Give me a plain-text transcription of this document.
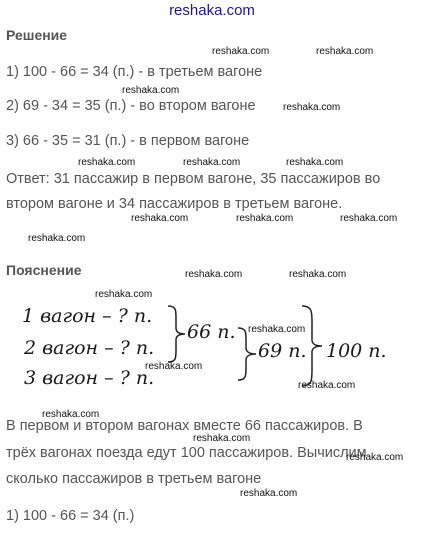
reshaka.com
Решение
1) 100 - 66 = 34 (п.) - в третьем вагоне
2) 69 - 34 = 35 (п.) - во втором вагоне
3) 66 - 35 = 31 (п.) - в первом вагоне
Ответ: 31 пассажир в первом вагоне, 35 пассажиров во
втором вагоне и 34 пассажиров в третьем вагоне.
Пояснение
1 вагон – ? п.
2 вагон – ? п.
3 вагон – ? п.
66 п.
69 п. 100 п.
В первом и втором вагонах вместе 66 пассажиров. В
трёх вагонах поезда едут 100 пассажиров. Вычислим
сколько пассажиров в третьем вагоне
1) 100 - 66 = 34 (п.)
reshaka.com	reshaka.com
reshaka.com
reshaka.com
reshaka.com	reshaka.com	reshaka.com
reshaka.com	reshaka.com	reshaka.com
reshaka.com
reshaka.com	reshaka.com
reshaka.com
reshaka.com
reshaka.com
reshaka.com
reshaka.com
reshaka.com
reshaka.com
reshaka.com
